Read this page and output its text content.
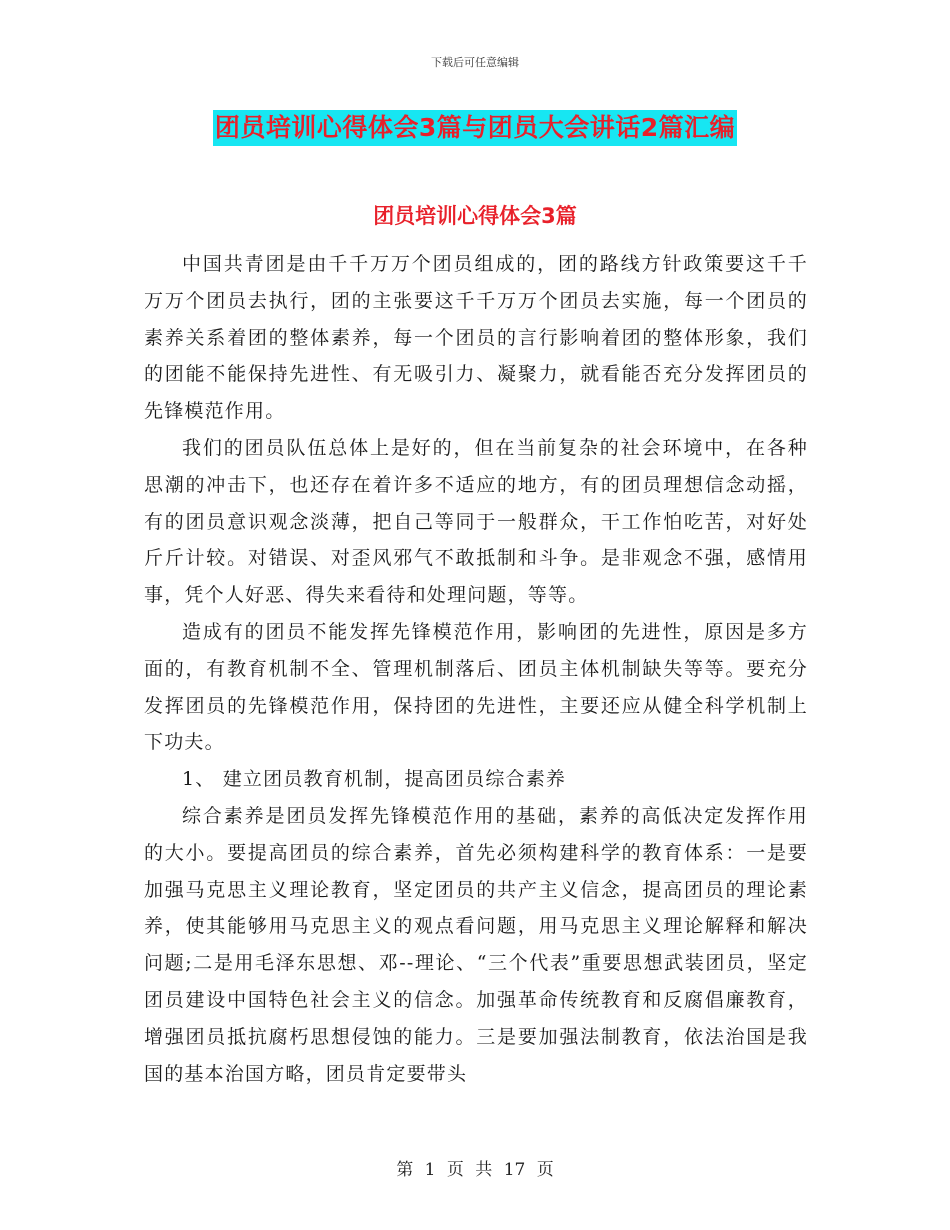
下载后可任意编辑
团员培训心得体会3篇与团员大会讲话2篇汇编
团员培训心得体会3篇

中国共青团是由千千万万个团员组成的，团的路线方针政策要这千千万万个团员去执行，团的主张要这千千万万个团员去实施，每一个团员的素养关系着团的整体素养，每一个团员的言行影响着团的整体形象，我们的团能不能保持先进性、有无吸引力、凝聚力，就看能否充分发挥团员的先锋模范作用。

我们的团员队伍总体上是好的，但在当前复杂的社会环境中，在各种思潮的冲击下，也还存在着许多不适应的地方，有的团员理想信念动摇，有的团员意识观念淡薄，把自己等同于一般群众，干工作怕吃苦，对好处斤斤计较。对错误、对歪风邪气不敢抵制和斗争。是非观念不强，感情用事，凭个人好恶、得失来看待和处理问题，等等。

造成有的团员不能发挥先锋模范作用，影响团的先进性，原因是多方面的，有教育机制不全、管理机制落后、团员主体机制缺失等等。要充分发挥团员的先锋模范作用，保持团的先进性，主要还应从健全科学机制上下功夫。

1、 建立团员教育机制，提高团员综合素养

综合素养是团员发挥先锋模范作用的基础，素养的高低决定发挥作用的大小。要提高团员的综合素养，首先必须构建科学的教育体系：一是要加强马克思主义理论教育，坚定团员的共产主义信念，提高团员的理论素养，使其能够用马克思主义的观点看问题，用马克思主义理论解释和解决问题;二是用毛泽东思想、邓--理论、“三个代表”重要思想武装团员，坚定团员建设中国特色社会主义的信念。加强革命传统教育和反腐倡廉教育，增强团员抵抗腐朽思想侵蚀的能力。三是要加强法制教育，依法治国是我国的基本治国方略，团员肯定要带头

第 1 页 共 17 页
